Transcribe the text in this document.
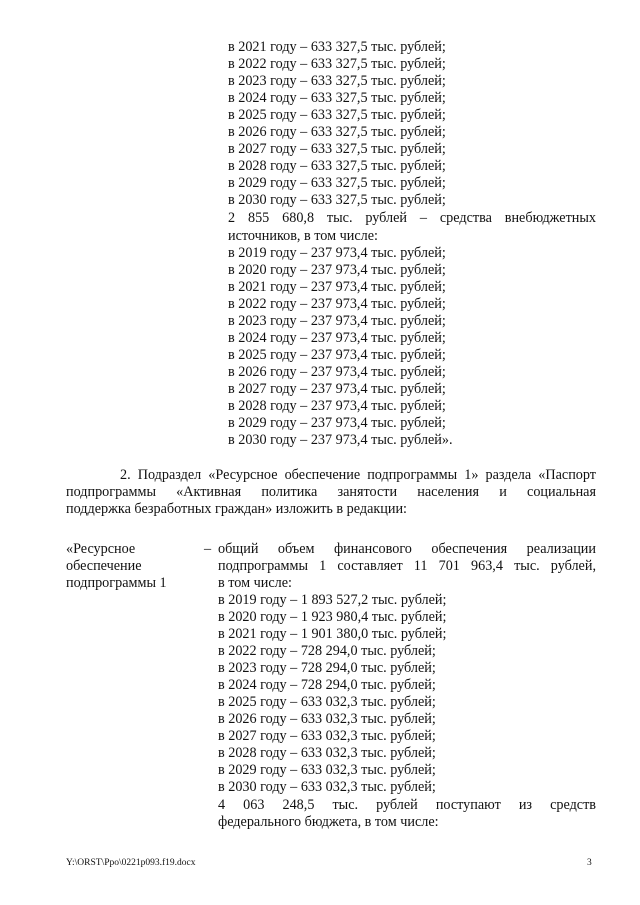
в 2021 году – 633 327,5 тыс. рублей;
в 2022 году – 633 327,5 тыс. рублей;
в 2023 году – 633 327,5 тыс. рублей;
в 2024 году – 633 327,5 тыс. рублей;
в 2025 году – 633 327,5 тыс. рублей;
в 2026 году – 633 327,5 тыс. рублей;
в 2027 году – 633 327,5 тыс. рублей;
в 2028 году – 633 327,5 тыс. рублей;
в 2029 году – 633 327,5 тыс. рублей;
в 2030 году – 633 327,5 тыс. рублей;
2 855 680,8 тыс. рублей – средства внебюджетных
источников, в том числе:
в 2019 году – 237 973,4 тыс. рублей;
в 2020 году – 237 973,4 тыс. рублей;
в 2021 году – 237 973,4 тыс. рублей;
в 2022 году – 237 973,4 тыс. рублей;
в 2023 году – 237 973,4 тыс. рублей;
в 2024 году – 237 973,4 тыс. рублей;
в 2025 году – 237 973,4 тыс. рублей;
в 2026 году – 237 973,4 тыс. рублей;
в 2027 году – 237 973,4 тыс. рублей;
в 2028 году – 237 973,4 тыс. рублей;
в 2029 году – 237 973,4 тыс. рублей;
в 2030 году – 237 973,4 тыс. рублей».
2. Подраздел «Ресурсное обеспечение подпрограммы 1» раздела «Паспорт
подпрограммы «Активная политика занятости населения и социальная
поддержка безработных граждан» изложить в редакции:
«Ресурсное
обеспечение
подпрограммы 1
– общий объем финансового обеспечения реализации
подпрограммы 1 составляет 11 701 963,4 тыс. рублей,
в том числе:
в 2019 году – 1 893 527,2 тыс. рублей;
в 2020 году – 1 923 980,4 тыс. рублей;
в 2021 году – 1 901 380,0 тыс. рублей;
в 2022 году – 728 294,0 тыс. рублей;
в 2023 году – 728 294,0 тыс. рублей;
в 2024 году – 728 294,0 тыс. рублей;
в 2025 году – 633 032,3 тыс. рублей;
в 2026 году – 633 032,3 тыс. рублей;
в 2027 году – 633 032,3 тыс. рублей;
в 2028 году – 633 032,3 тыс. рублей;
в 2029 году – 633 032,3 тыс. рублей;
в 2030 году – 633 032,3 тыс. рублей;
4 063 248,5 тыс. рублей поступают из средств
федерального бюджета, в том числе:
Y:\ORST\Ppo\0221p093.f19.docx	3
